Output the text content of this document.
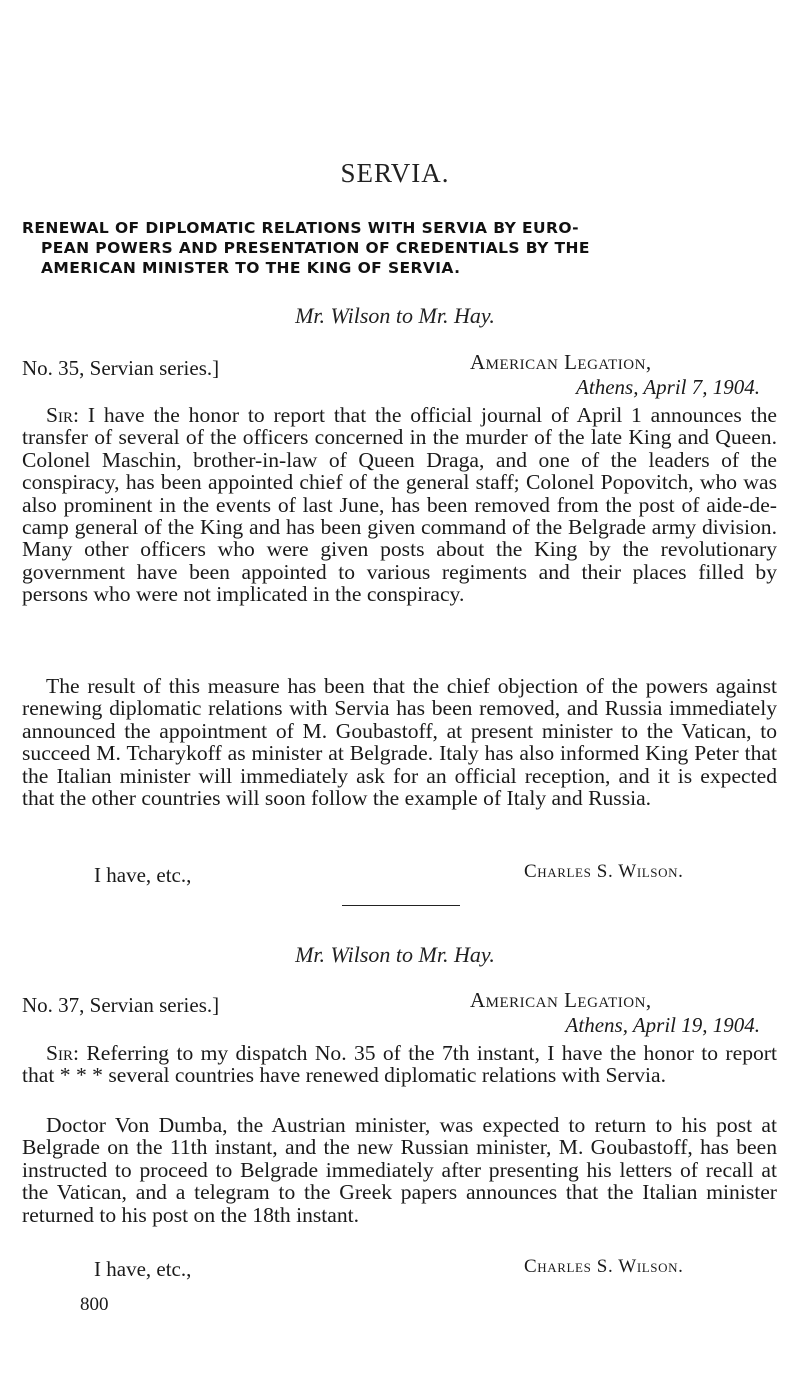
SERVIA.
RENEWAL OF DIPLOMATIC RELATIONS WITH SERVIA BY EURO-
PEAN POWERS AND PRESENTATION OF CREDENTIALS BY THE
AMERICAN MINISTER TO THE KING OF SERVIA.
Mr. Wilson to Mr. Hay.
No. 35, Servian series.]	American Legation,
Athens, April 7, 1904.

Sir: I have the honor to report that the official journal of April 1 announces the transfer of several of the officers concerned in the murder of the late King and Queen. Colonel Maschin, brother-in-law of Queen Draga, and one of the leaders of the conspiracy, has been appointed chief of the general staff; Colonel Popovitch, who was also prominent in the events of last June, has been removed from the post of aide-de-camp general of the King and has been given command of the Belgrade army division. Many other officers who were given posts about the King by the revolutionary government have been appointed to various regiments and their places filled by persons who were not implicated in the conspiracy.

The result of this measure has been that the chief objection of the powers against renewing diplomatic relations with Servia has been removed, and Russia immediately announced the appointment of M. Goubastoff, at present minister to the Vatican, to succeed M. Tcharykoff as minister at Belgrade. Italy has also informed King Peter that the Italian minister will immediately ask for an official reception, and it is expected that the other countries will soon follow the example of Italy and Russia.

I have, etc.,	Charles S. Wilson.
Mr. Wilson to Mr. Hay.
No. 37, Servian series.]	American Legation,
Athens, April 19, 1904.

Sir: Referring to my dispatch No. 35 of the 7th instant, I have the honor to report that * * * several countries have renewed diplomatic relations with Servia.

Doctor Von Dumba, the Austrian minister, was expected to return to his post at Belgrade on the 11th instant, and the new Russian minister, M. Goubastoff, has been instructed to proceed to Belgrade immediately after presenting his letters of recall at the Vatican, and a telegram to the Greek papers announces that the Italian minister returned to his post on the 18th instant.

I have, etc.,	Charles S. Wilson.
800
